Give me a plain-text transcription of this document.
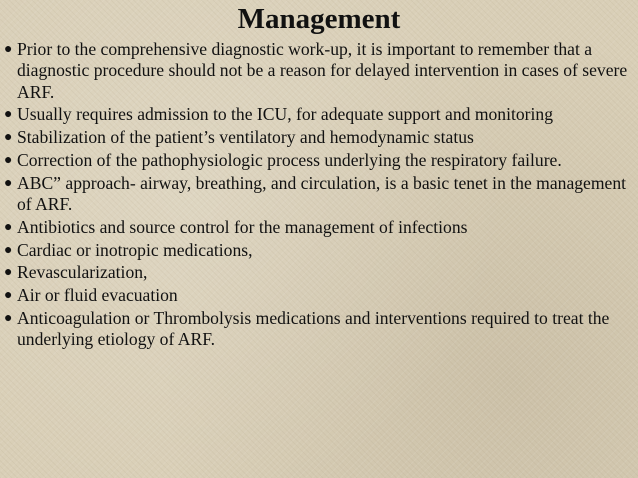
Management
● Prior to the comprehensive diagnostic work-up, it is important to remember that a diagnostic procedure should not be a reason for delayed intervention in cases of severe ARF.
● Usually requires admission to the ICU, for adequate support and monitoring
● Stabilization of the patient’s ventilatory and hemodynamic status
● Correction of the pathophysiologic process underlying the respiratory failure.
● ABC” approach- airway, breathing, and circulation, is a basic tenet in the management of ARF.
● Antibiotics and source control for the management of infections
● Cardiac or inotropic medications,
● Revascularization,
● Air or fluid evacuation
● Anticoagulation or Thrombolysis medications and interventions required to treat the underlying etiology of ARF.
